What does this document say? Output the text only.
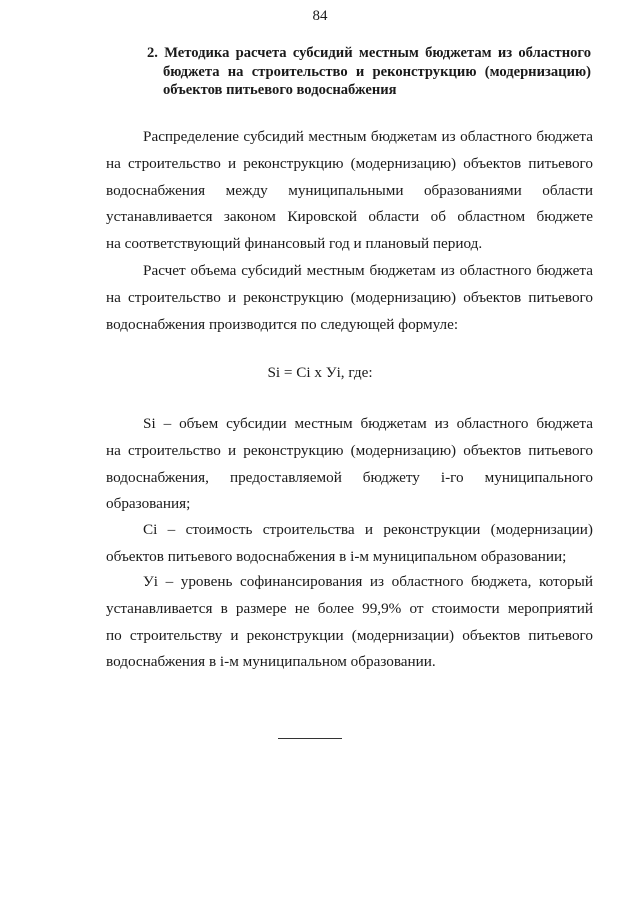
84
2. Методика расчета субсидий местным бюджетам из областного
бюджета на строительство и реконструкцию (модернизацию)
объектов питьевого водоснабжения
Распределение субсидий местным бюджетам из областного бюджета
на строительство и реконструкцию (модернизацию) объектов питьевого
водоснабжения между муниципальными образованиями области
устанавливается законом Кировской области об областном бюджете
на соответствующий финансовый год и плановый период.
Расчет объема субсидий местным бюджетам из областного бюджета
на строительство и реконструкцию (модернизацию) объектов питьевого
водоснабжения производится по следующей формуле:
Si = Ci x Уi, где:
Si – объем субсидии местным бюджетам из областного бюджета
на строительство и реконструкцию (модернизацию) объектов питьевого
водоснабжения, предоставляемой бюджету i-го муниципального
образования;
Ci – стоимость строительства и реконструкции (модернизации)
объектов питьевого водоснабжения в i-м муниципальном образовании;
Уi – уровень софинансирования из областного бюджета, который
устанавливается в размере не более 99,9% от стоимости мероприятий
по строительству и реконструкции (модернизации) объектов питьевого
водоснабжения в i-м муниципальном образовании.
